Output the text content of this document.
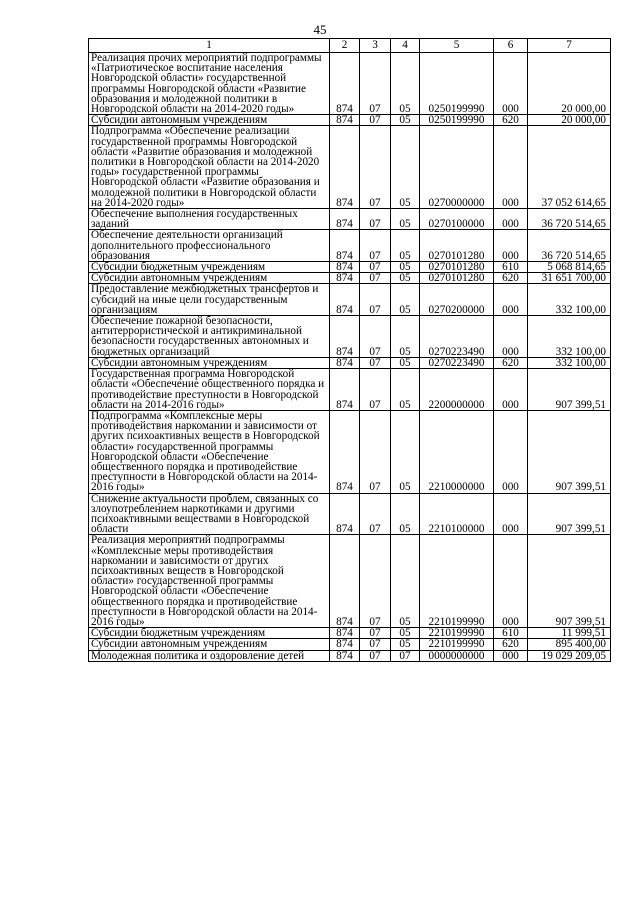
45
1	2	3	4	5	6	7
Реализация прочих мероприятий подпрограммы «Патриотическое воспитание населения Новгородской области» государственной программы Новгородской области «Развитие образования и молодежной политики в Новгородской области на 2014-2020 годы»	874	07	05	0250199990	000	20 000,00
Субсидии автономным учреждениям	874	07	05	0250199990	620	20 000,00
Подпрограмма «Обеспечение реализации государственной программы Новгородской области «Развитие образования и молодежной политики в Новгородской области на 2014-2020 годы» государственной программы Новгородской области «Развитие образования и молодежной политики в Новгородской области на 2014-2020 годы»	874	07	05	0270000000	000	37 052 614,65
Обеспечение выполнения государственных заданий	874	07	05	0270100000	000	36 720 514,65
Обеспечение деятельности организаций дополнительного профессионального образования	874	07	05	0270101280	000	36 720 514,65
Субсидии бюджетным учреждениям	874	07	05	0270101280	610	5 068 814,65
Субсидии автономным учреждениям	874	07	05	0270101280	620	31 651 700,00
Предоставление межбюджетных трансфертов и субсидий на иные цели государственным организациям	874	07	05	0270200000	000	332 100,00
Обеспечение пожарной безопасности, антитеррористической и антикриминальной безопасности государственных автономных и бюджетных организаций	874	07	05	0270223490	000	332 100,00
Субсидии автономным учреждениям	874	07	05	0270223490	620	332 100,00
Государственная программа Новгородской области «Обеспечение общественного порядка и противодействие преступности в Новгородской области на 2014-2016 годы»	874	07	05	2200000000	000	907 399,51
Подпрограмма «Комплексные меры противодействия наркомании и зависимости от других психоактивных веществ в Новгородской области» государственной программы Новгородской области «Обеспечение общественного порядка и противодействие преступности в Новгородской области на 2014-2016 годы»	874	07	05	2210000000	000	907 399,51
Снижение актуальности проблем, связанных со злоупотреблением наркотиками и другими психоактивными веществами в Новгородской области	874	07	05	2210100000	000	907 399,51
Реализация мероприятий подпрограммы «Комплексные меры противодействия наркомании и зависимости от других психоактивных веществ в Новгородской области» государственной программы Новгородской области «Обеспечение общественного порядка и противодействие преступности в Новгородской области на 2014-2016 годы»	874	07	05	2210199990	000	907 399,51
Субсидии бюджетным учреждениям	874	07	05	2210199990	610	11 999,51
Субсидии автономным учреждениям	874	07	05	2210199990	620	895 400,00
Молодежная политика и оздоровление детей	874	07	07	0000000000	000	19 029 209,05
